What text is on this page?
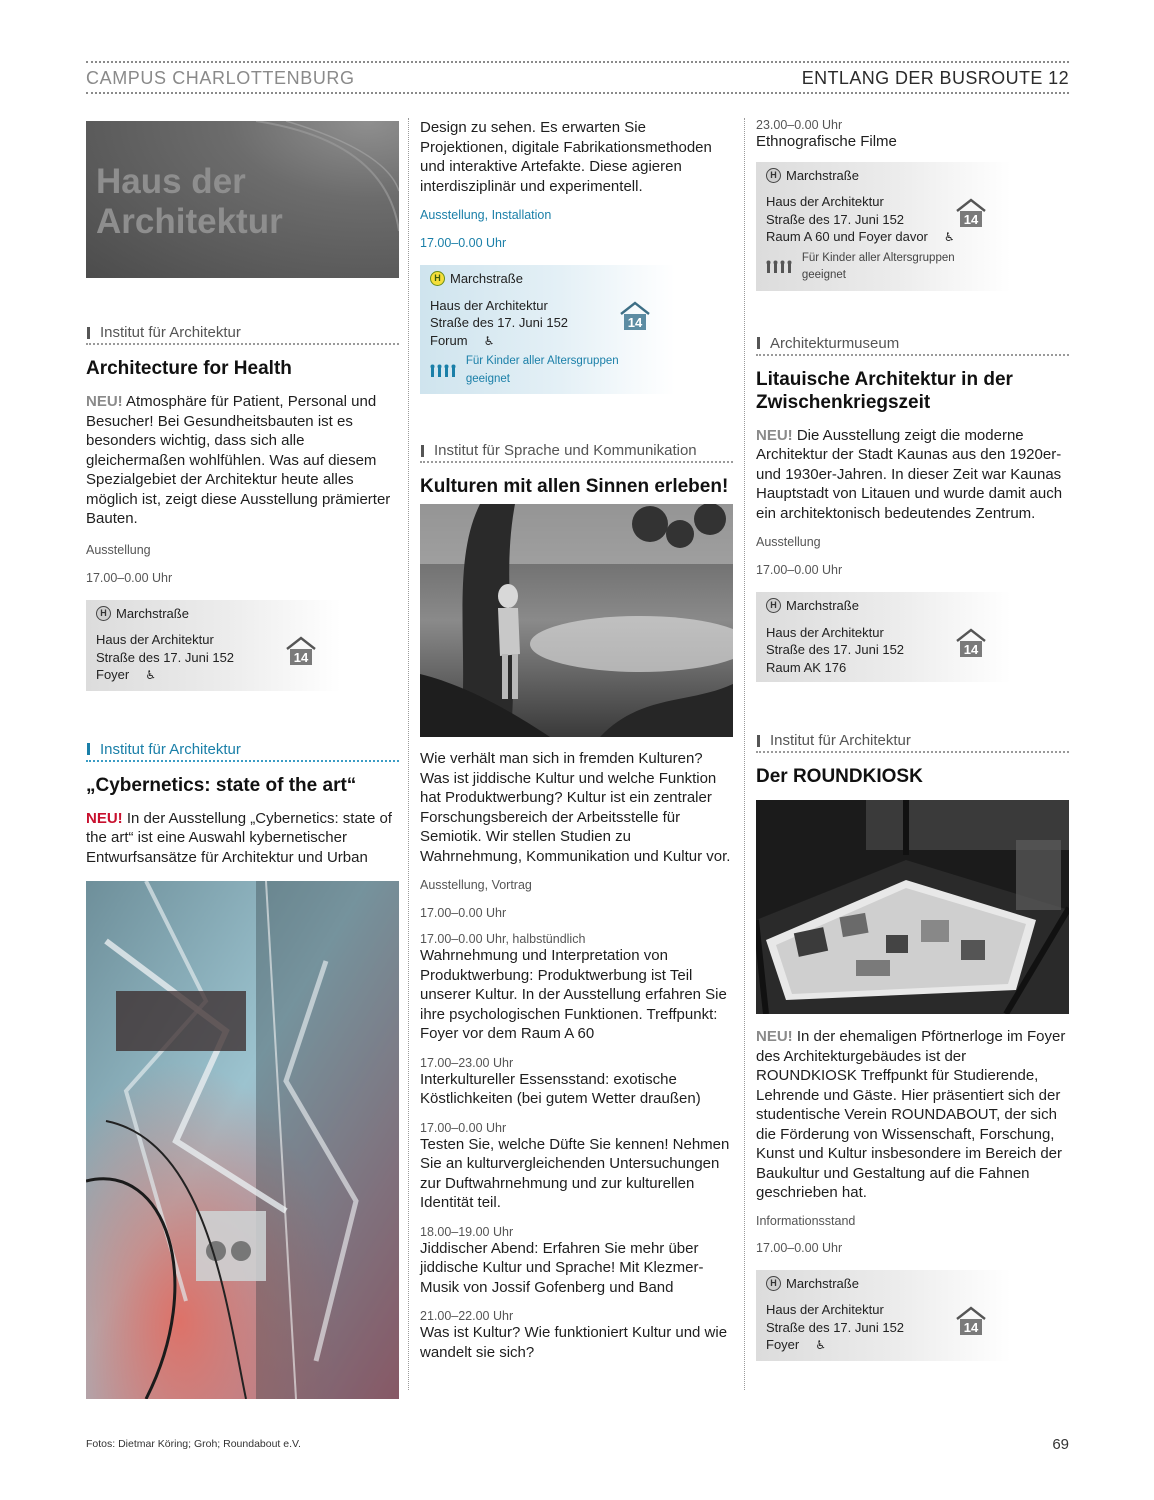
CAMPUS CHARLOTTENBURG	ENTLANG DER BUSROUTE 12
Haus der
Architektur
Institut für Architektur
Architecture for Health

NEU! Atmosphäre für Patient, Personal und Besucher! Bei Gesundheitsbauten ist es besonders wichtig, dass sich alle gleichermaßen wohlfühlen. Was auf diesem Spezialgebiet der Architektur heute alles möglich ist, zeigt diese Ausstellung prämierter Bauten.

Ausstellung
17.00–0.00 Uhr
H Marchstraße
Haus der Architektur
Straße des 17. Juni 152
Foyer ♿
14
Institut für Architektur
„Cybernetics: state of the art“

NEU! In der Ausstellung „Cybernetics: state of the art“ ist eine Auswahl kybernetischer Entwurfsansätze für Architektur und Urban

Design zu sehen. Es erwarten Sie Projektionen, digitale Fabrikationsmethoden und interaktive Artefakte. Diese agieren interdisziplinär und experimentell.

Ausstellung, Installation
17.00–0.00 Uhr
H Marchstraße
Haus der Architektur
Straße des 17. Juni 152
Forum ♿
Für Kinder aller Altersgruppen geeignet
14
Institut für Sprache und Kommunikation
Kulturen mit allen Sinnen erleben!

Wie verhält man sich in fremden Kulturen? Was ist jiddische Kultur und welche Funktion hat Produktwerbung? Kultur ist ein zentraler Forschungsbereich der Arbeitsstelle für Semiotik. Wir stellen Studien zu Wahrnehmung, Kommunikation und Kultur vor.

Ausstellung, Vortrag
17.00–0.00 Uhr
17.00–0.00 Uhr, halbstündlich

Wahrnehmung und Interpretation von Produktwerbung: Produktwerbung ist Teil unserer Kultur. In der Ausstellung erfahren Sie ihre psychologischen Funktionen. Treffpunkt: Foyer vor dem Raum A 60

17.00–23.00 Uhr

Interkultureller Essensstand: exotische Köstlichkeiten (bei gutem Wetter draußen)

17.00–0.00 Uhr

Testen Sie, welche Düfte Sie kennen! Nehmen Sie an kulturvergleichenden Untersuchungen zur Duftwahrnehmung und zur kulturellen Identität teil.

18.00–19.00 Uhr

Jiddischer Abend: Erfahren Sie mehr über jiddische Kultur und Sprache! Mit Klezmer-Musik von Jossif Gofenberg und Band

21.00–22.00 Uhr

Was ist Kultur? Wie funktioniert Kultur und wie wandelt sie sich?

23.00–0.00 Uhr

Ethnografische Filme

H Marchstraße
Haus der Architektur
Straße des 17. Juni 152
Raum A 60 und Foyer davor ♿
Für Kinder aller Altersgruppen geeignet
14
Architekturmuseum
Litauische Architektur in der Zwischenkriegszeit

NEU! Die Ausstellung zeigt die moderne Architektur der Stadt Kaunas aus den 1920er- und 1930er-Jahren. In dieser Zeit war Kaunas Hauptstadt von Litauen und wurde damit auch ein architektonisch bedeutendes Zentrum.

Ausstellung
17.00–0.00 Uhr
H Marchstraße
Haus der Architektur
Straße des 17. Juni 152
Raum AK 176
14
Institut für Architektur
Der ROUNDKIOSK

NEU! In der ehemaligen Pförtnerloge im Foyer des Architekturgebäudes ist der ROUNDKIOSK Treffpunkt für Studierende, Lehrende und Gäste. Hier präsentiert sich der studentische Verein ROUNDABOUT, der sich die Förderung von Wissenschaft, Forschung, Kunst und Kultur insbesondere im Bereich der Baukultur und Gestaltung auf die Fahnen geschrieben hat.

Informationsstand
17.00–0.00 Uhr
H Marchstraße
Haus der Architektur
Straße des 17. Juni 152
Foyer ♿
14
Fotos: Dietmar Köring; Groh; Roundabout e.V.	69
